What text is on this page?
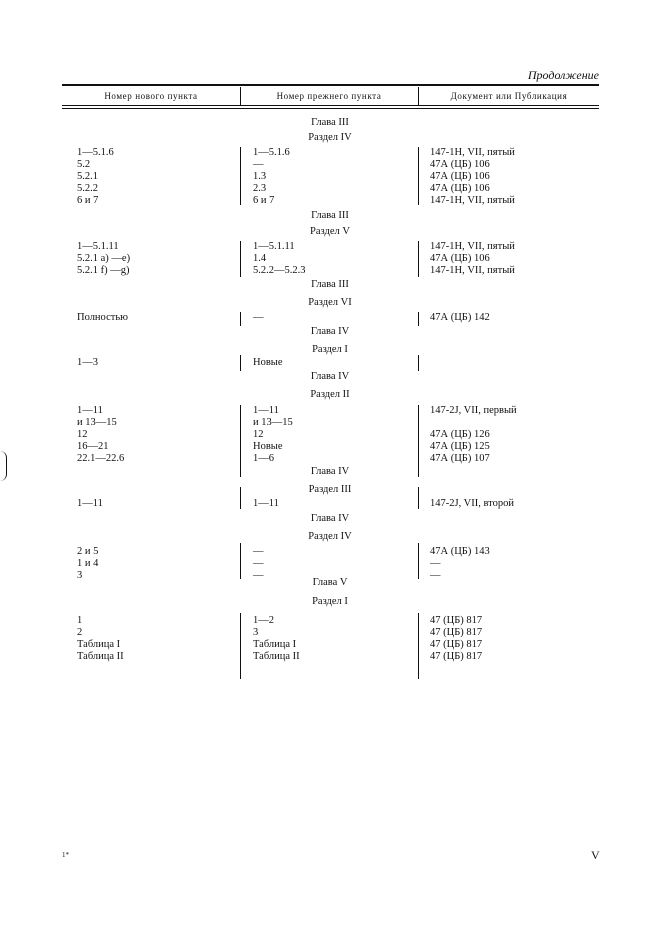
Продолжение
Номер нового пункта	Номер прежнего пункта	Документ или Публикация
Глава III
Раздел IV
1—5.1.6	1—5.1.6	147-1Н, VII, пятый
5.2	—	47А (ЦБ) 106
5.2.1	1.3	47А (ЦБ) 106
5.2.2	2.3	47А (ЦБ) 106
6 и 7	6 и 7	147-1Н, VII, пятый
Глава III
Раздел V
1—5.1.11	1—5.1.11	147-1Н, VII, пятый
5.2.1 а) —е)	1.4	47А (ЦБ) 106
5.2.1 f) —g)	5.2.2—5.2.3	147-1Н, VII, пятый
Глава III
Раздел VI
Полностью	—	47А (ЦБ) 142
Глава IV
Раздел I
1—3	Новые
Глава IV
Раздел II
1—11	1—11	147-2J, VII, первый
и 13—15	и 13—15
12	12	47А (ЦБ) 126
16—21	Новые	47А (ЦБ) 125
22.1—22.6	1—6	47А (ЦБ) 107
Глава IV
Раздел III
1—11	1—11	147-2J, VII, второй
Глава IV
Раздел IV
2 и 5	—	47А (ЦБ) 143
1 и 4	—	—
3	—	—
Глава V
Раздел I
1	1—2	47 (ЦБ) 817
2	3	47 (ЦБ) 817
Таблица I	Таблица I	47 (ЦБ) 817
Таблица II	Таблица II	47 (ЦБ) 817
1*	V
